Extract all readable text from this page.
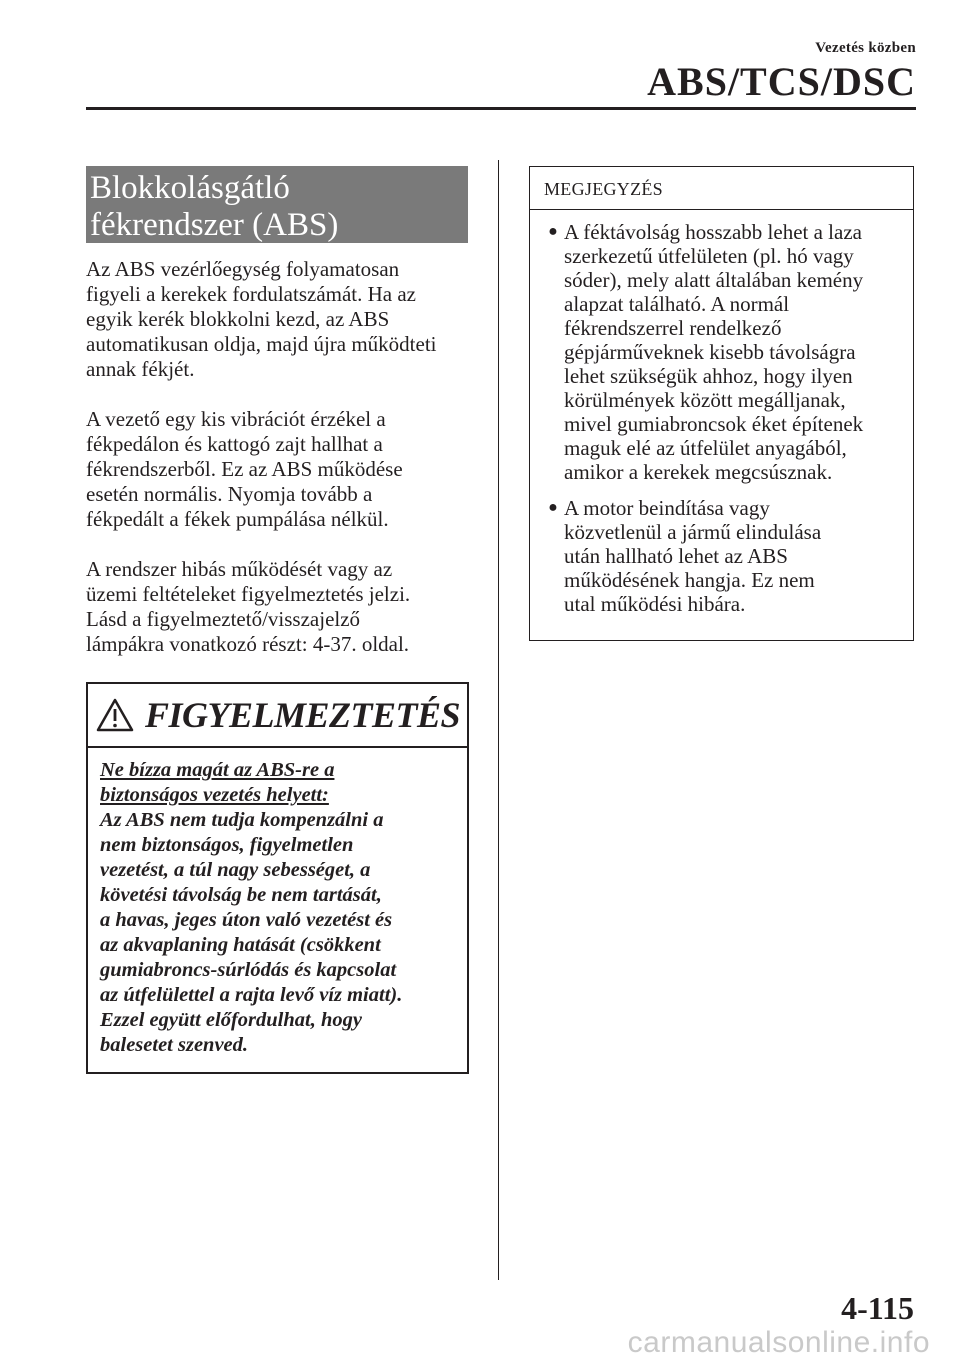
Vezetés közben
ABS/TCS/DSC
Blokkolásgátló
fékrendszer (ABS)

Az ABS vezérlőegység folyamatosan
figyeli a kerekek fordulatszámát. Ha az
egyik kerék blokkolni kezd, az ABS
automatikusan oldja, majd újra működteti
annak fékjét.

A vezető egy kis vibrációt érzékel a
fékpedálon és kattogó zajt hallhat a
fékrendszerből. Ez az ABS működése
esetén normális. Nyomja tovább a
fékpedált a fékek pumpálása nélkül.

A rendszer hibás működését vagy az
üzemi feltételeket figyelmeztetés jelzi.
Lásd a figyelmeztető/visszajelző
lámpákra vonatkozó részt: 4-37. oldal.

FIGYELMEZTETÉS
Ne bízza magát az ABS-re a
biztonságos vezetés helyett:
Az ABS nem tudja kompenzálni a
nem biztonságos, figyelmetlen
vezetést, a túl nagy sebességet, a
követési távolság be nem tartását,
a havas, jeges úton való vezetést és
az akvaplaning hatását (csökkent
gumiabroncs-súrlódás és kapcsolat
az útfelülettel a rajta levő víz miatt).
Ezzel együtt előfordulhat, hogy
balesetet szenved.
MEGJEGYZÉS
● A féktávolság hosszabb lehet a laza
szerkezetű útfelületen (pl. hó vagy
sóder), mely alatt általában kemény
alapzat található. A normál
fékrendszerrel rendelkező
gépjárműveknek kisebb távolságra
lehet szükségük ahhoz, hogy ilyen
körülmények között megálljanak,
mivel gumiabroncsok éket építenek
maguk elé az útfelület anyagából,
amikor a kerekek megcsúsznak.
● A motor beindítása vagy
közvetlenül a jármű elindulása
után hallható lehet az ABS
működésének hangja. Ez nem
utal működési hibára.
4-115
carmanualsonline.info
